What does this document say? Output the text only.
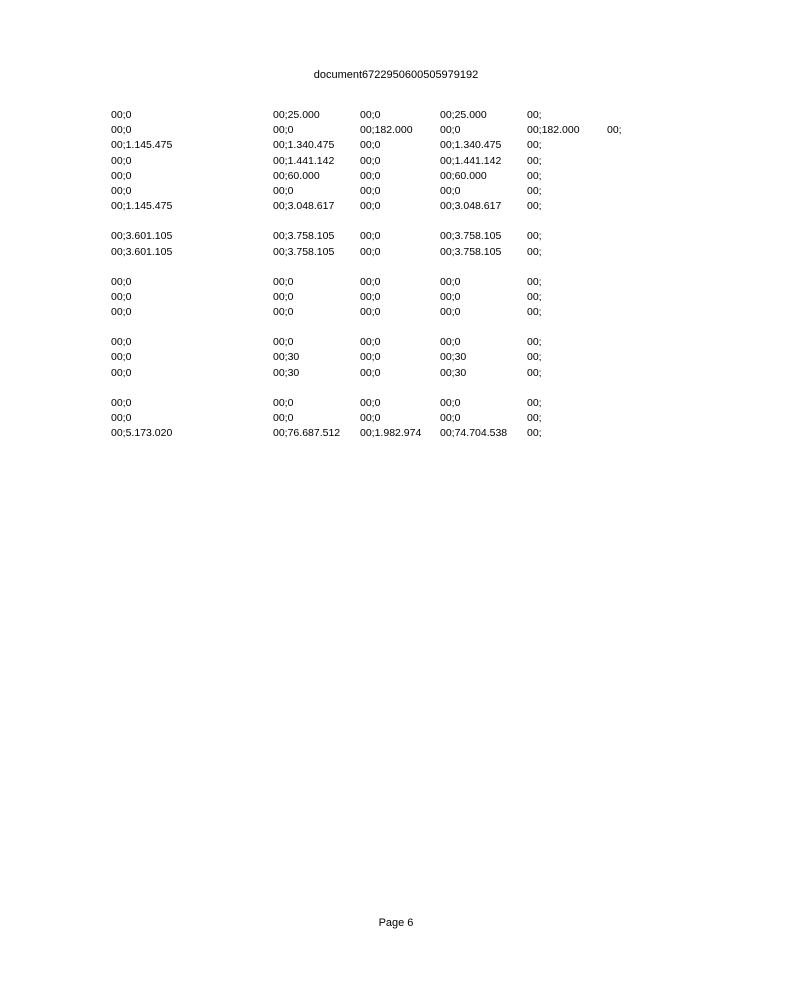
document6722950600505979192
00;0	00;25.000	00;0	00;25.000	00;
00;0	00;0	00;182.000	00;0	00;182.000	00;
00;1.145.475	00;1.340.475 00;0	00;1.340.475 00;
00;0	00;1.441.142 00;0	00;1.441.142 00;
00;0	00;60.000	00;0	00;60.000	00;
00;0	00;0	00;0	00;0	00;
00;1.145.475	00;3.048.617 00;0	00;3.048.617 00;
00;3.601.105	00;3.758.105 00;0	00;3.758.105 00;
00;3.601.105	00;3.758.105 00;0	00;3.758.105 00;
00;0	00;0	00;0	00;0	00;
00;0	00;0	00;0	00;0	00;
00;0	00;0	00;0	00;0	00;
00;0	00;0	00;0	00;0	00;
00;0	00;30	00;0	00;30	00;
00;0	00;30	00;0	00;30	00;
00;0	00;0	00;0	00;0	00;
00;0	00;0	00;0	00;0	00;
00;5.173.020	00;76.687.512 00;1.982.974 00;74.704.538 00;
Page 6
